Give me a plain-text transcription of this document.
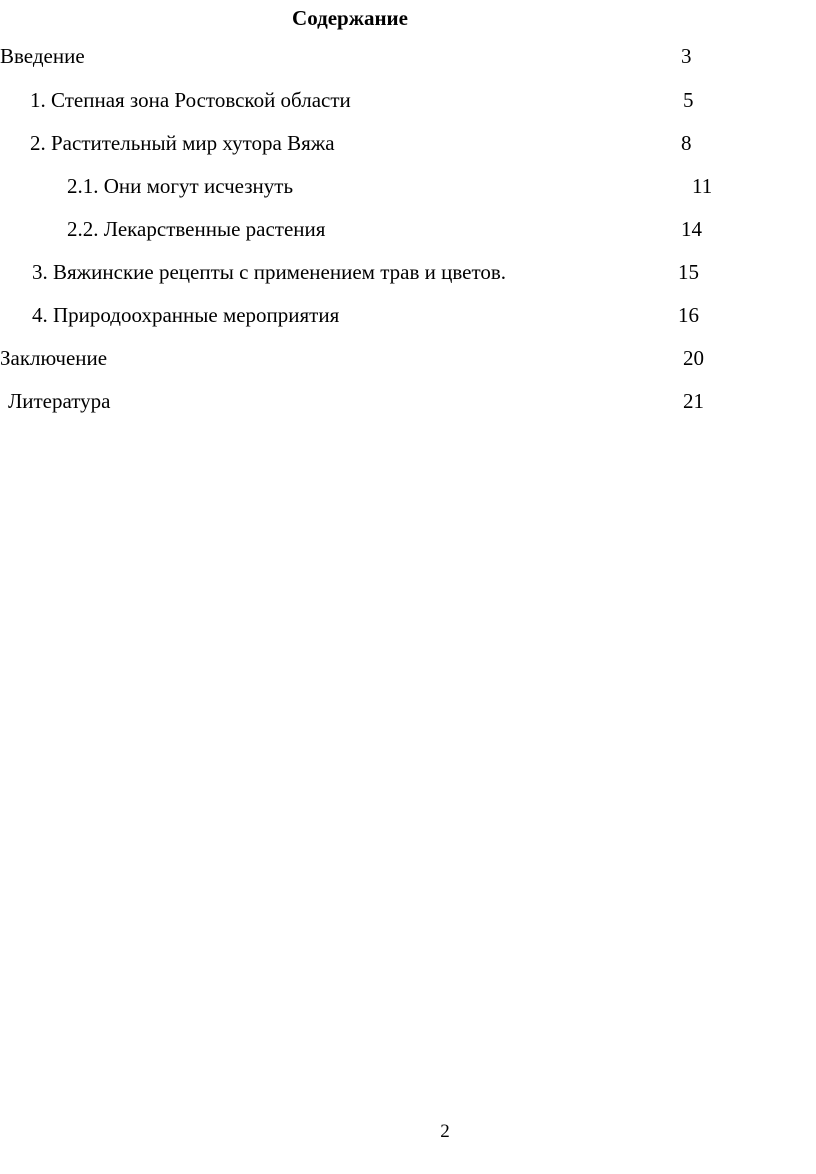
Содержание
Введение	3
1. Степная зона Ростовской области	5
2. Растительный мир хутора Вяжа	8
2.1. Они могут исчезнуть	11
2.2. Лекарственные растения	14
3. Вяжинские рецепты с применением трав и цветов.	15
4. Природоохранные мероприятия	16
Заключение	20
Литература	21
2
